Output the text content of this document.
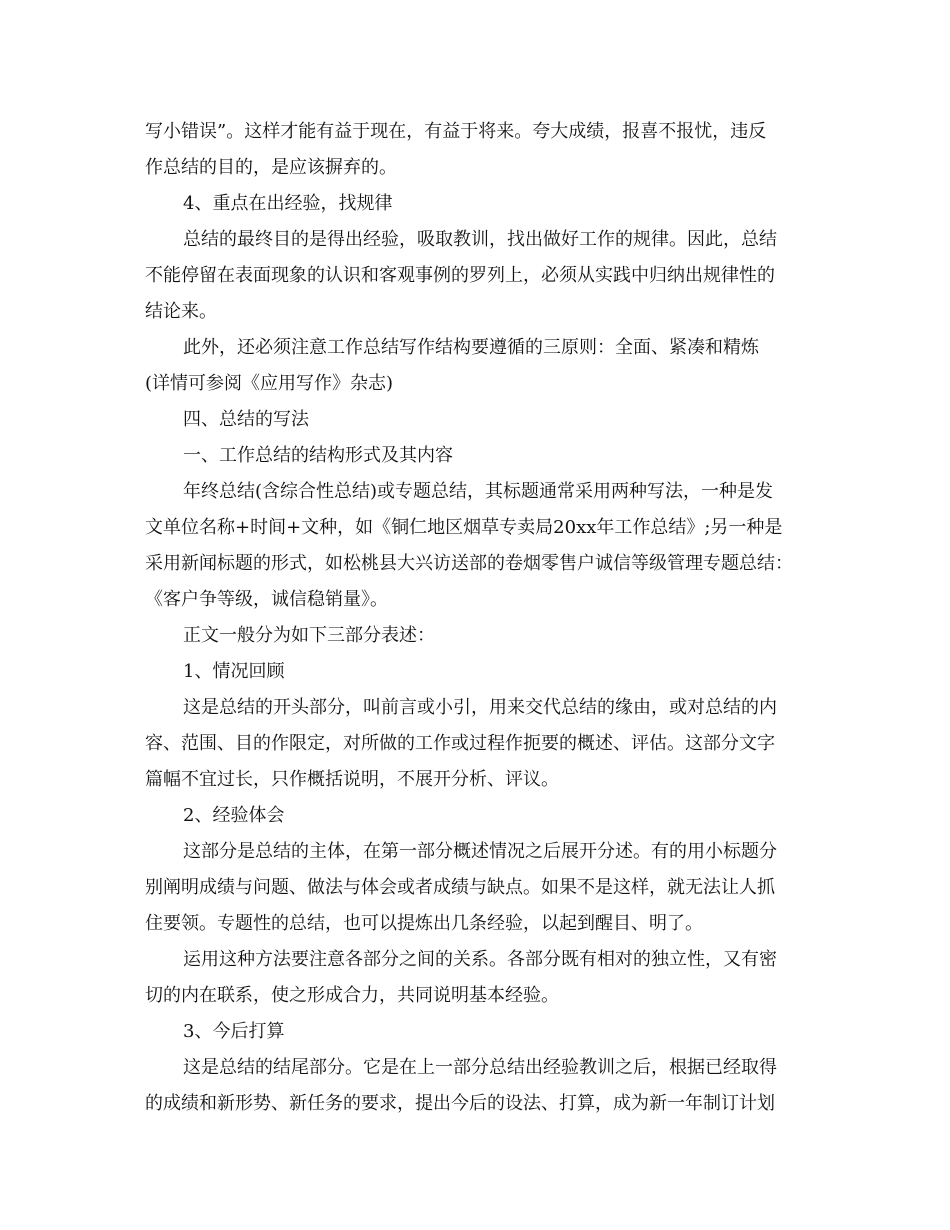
写小错误”。这样才能有益于现在，有益于将来。夸大成绩，报喜不报忧，违反
作总结的目的，是应该摒弃的。
4、重点在出经验，找规律
总结的最终目的是得出经验，吸取教训，找出做好工作的规律。因此，总结
不能停留在表面现象的认识和客观事例的罗列上，必须从实践中归纳出规律性的
结论来。
此外，还必须注意工作总结写作结构要遵循的三原则：全面、紧凑和精炼
(详情可参阅《应用写作》杂志)
四、总结的写法
一、工作总结的结构形式及其内容
年终总结(含综合性总结)或专题总结，其标题通常采用两种写法，一种是发
文单位名称+时间+文种，如《铜仁地区烟草专卖局20xx年工作总结》;另一种是
采用新闻标题的形式，如松桃县大兴访送部的卷烟零售户诚信等级管理专题总结：
《客户争等级，诚信稳销量》。
正文一般分为如下三部分表述：
1、情况回顾
这是总结的开头部分，叫前言或小引，用来交代总结的缘由，或对总结的内
容、范围、目的作限定，对所做的工作或过程作扼要的概述、评估。这部分文字
篇幅不宜过长，只作概括说明，不展开分析、评议。
2、经验体会
这部分是总结的主体，在第一部分概述情况之后展开分述。有的用小标题分
别阐明成绩与问题、做法与体会或者成绩与缺点。如果不是这样，就无法让人抓
住要领。专题性的总结，也可以提炼出几条经验，以起到醒目、明了。
运用这种方法要注意各部分之间的关系。各部分既有相对的独立性，又有密
切的内在联系，使之形成合力，共同说明基本经验。
3、今后打算
这是总结的结尾部分。它是在上一部分总结出经验教训之后，根据已经取得
的成绩和新形势、新任务的要求，提出今后的设法、打算，成为新一年制订计划
